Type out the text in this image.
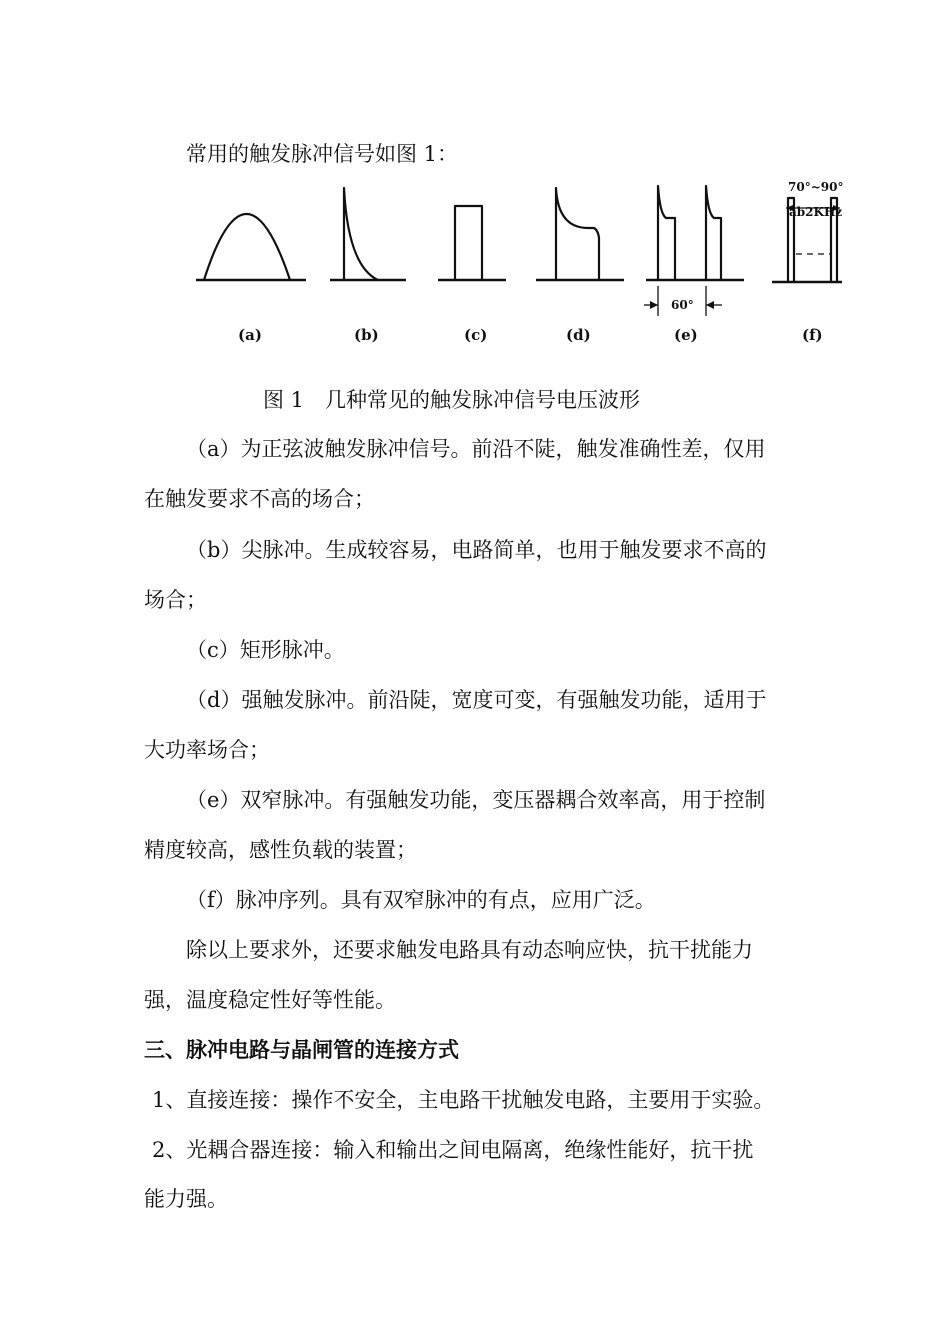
常用的触发脉冲信号如图 1：
60°
70°~90°
ab2KHz
(a)	(b)	(c)	(d)	(e)	(f)
图 1　几种常见的触发脉冲信号电压波形
（a）为正弦波触发脉冲信号。前沿不陡，触发准确性差，仅用
在触发要求不高的场合；
（b）尖脉冲。生成较容易，电路简单，也用于触发要求不高的
场合；
（c）矩形脉冲。
（d）强触发脉冲。前沿陡，宽度可变，有强触发功能，适用于
大功率场合；
（e）双窄脉冲。有强触发功能，变压器耦合效率高，用于控制
精度较高，感性负载的装置；
（f）脉冲序列。具有双窄脉冲的有点，应用广泛。
除以上要求外，还要求触发电路具有动态响应快，抗干扰能力
强，温度稳定性好等性能。
三、脉冲电路与晶闸管的连接方式
1、直接连接：操作不安全，主电路干扰触发电路，主要用于实验。
2、光耦合器连接：输入和输出之间电隔离，绝缘性能好，抗干扰
能力强。
